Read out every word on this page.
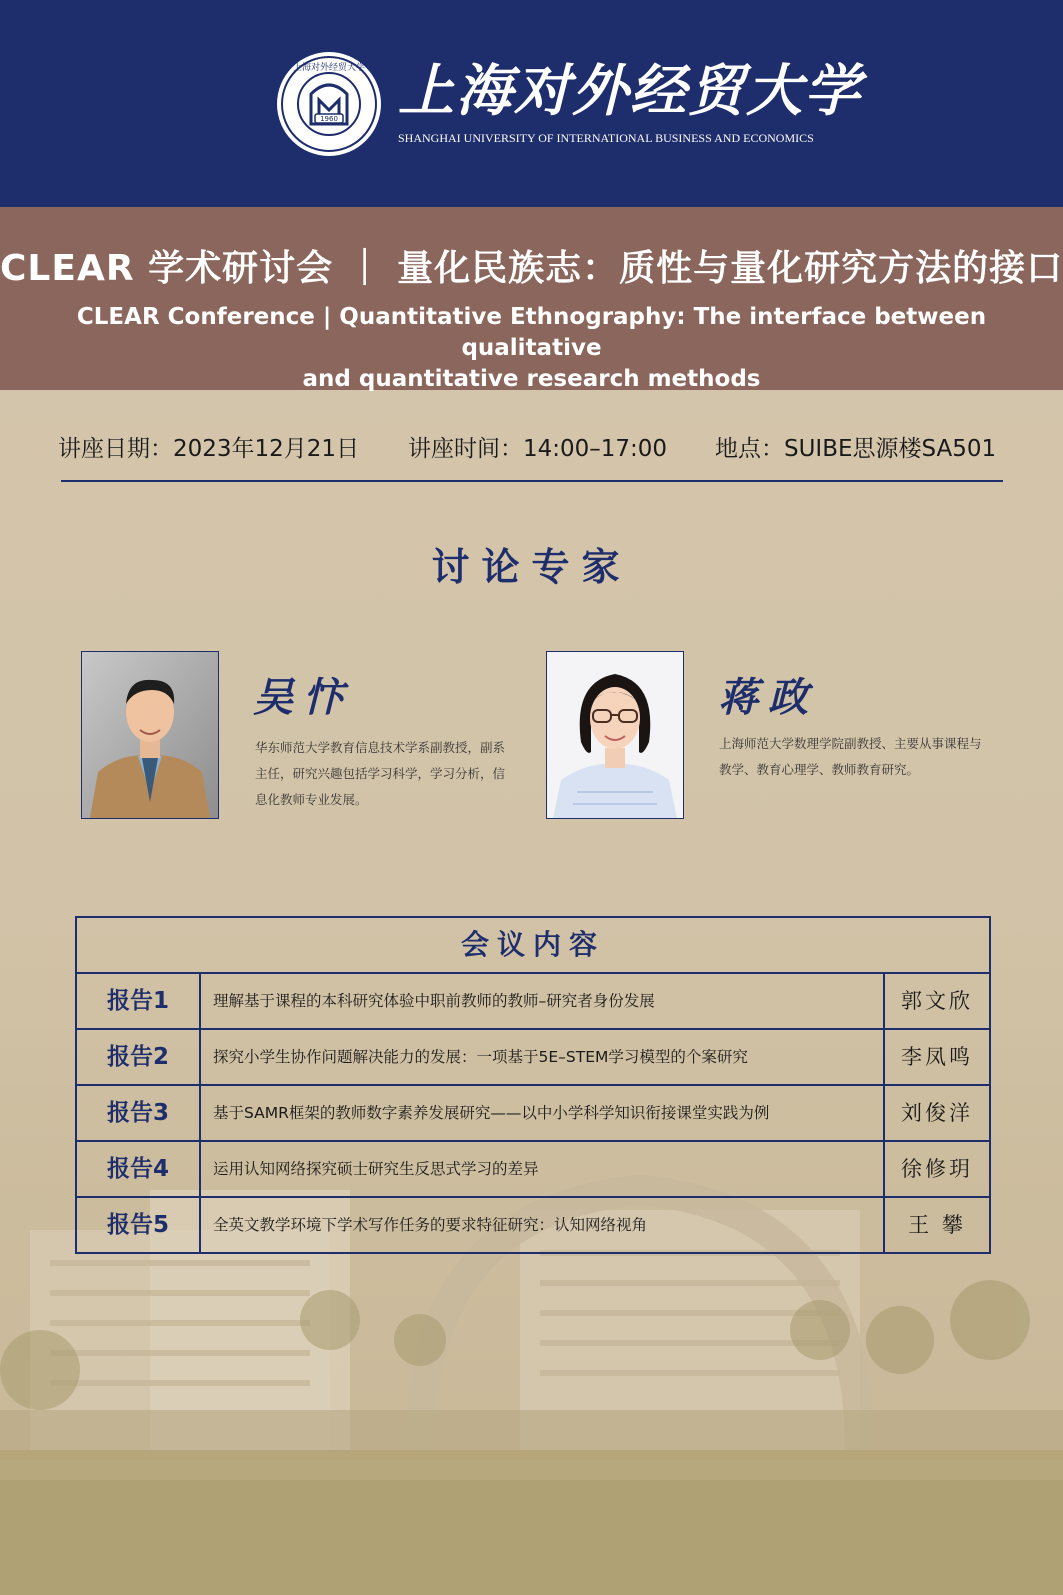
1960
上海对外经贸大学 上海对外经贸大学
SHANGHAI UNIVERSITY OF INTERNATIONAL BUSINESS AND ECONOMICS
CLEAR 学术研讨会 ｜ 量化民族志：质性与量化研究方法的接口
CLEAR Conference | Quantitative Ethnography: The interface between qualitative
and quantitative research methods
讲座日期：2023年12月21日 讲座时间：14:00–17:00 地点：SUIBE思源楼SA501
讨论专家
吴忭
华东师范大学教育信息技术学系副教授，副系主任，研究兴趣包括学习科学，学习分析，信息化教师专业发展。
蒋政
上海师范大学数理学院副教授、主要从事课程与教学、教育心理学、教师教育研究。
会议内容
报告1	理解基于课程的本科研究体验中职前教师的教师–研究者身份发展	郭文欣
报告2	探究小学生协作问题解决能力的发展：一项基于5E–STEM学习模型的个案研究	李凤鸣
报告3	基于SAMR框架的教师数字素养发展研究——以中小学科学知识衔接课堂实践为例	刘俊洋
报告4	运用认知网络探究硕士研究生反思式学习的差异	徐修玥
报告5	全英文教学环境下学术写作任务的要求特征研究：认知网络视角	王 攀
